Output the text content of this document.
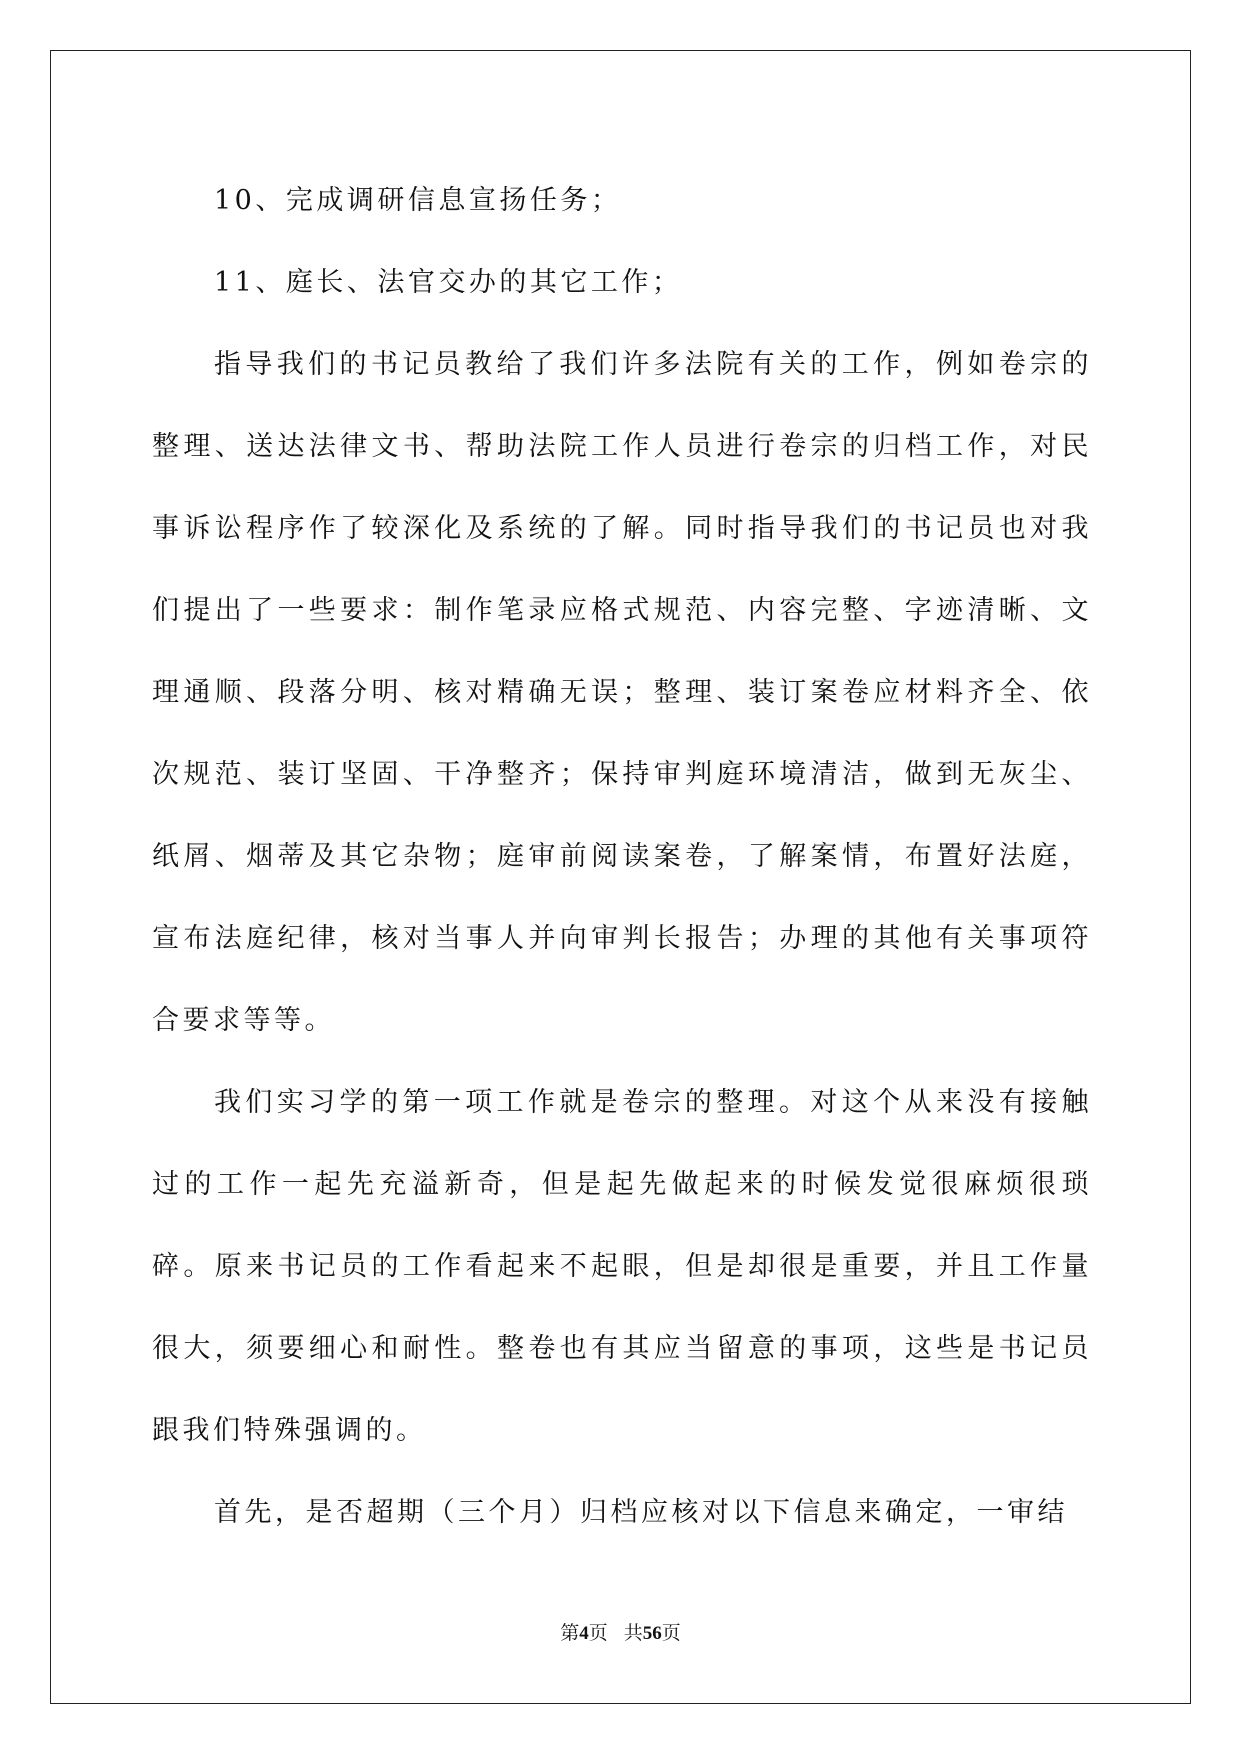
10、完成调研信息宣扬任务；

11、庭长、法官交办的其它工作；

指导我们的书记员教给了我们许多法院有关的工作，例如卷宗的整理、送达法律文书、帮助法院工作人员进行卷宗的归档工作，对民事诉讼程序作了较深化及系统的了解。同时指导我们的书记员也对我们提出了一些要求：制作笔录应格式规范、内容完整、字迹清晰、文理通顺、段落分明、核对精确无误；整理、装订案卷应材料齐全、依次规范、装订坚固、干净整齐；保持审判庭环境清洁，做到无灰尘、纸屑、烟蒂及其它杂物；庭审前阅读案卷，了解案情，布置好法庭，宣布法庭纪律，核对当事人并向审判长报告；办理的其他有关事项符合要求等等。

我们实习学的第一项工作就是卷宗的整理。对这个从来没有接触过的工作一起先充溢新奇，但是起先做起来的时候发觉很麻烦很琐碎。原来书记员的工作看起来不起眼，但是却很是重要，并且工作量很大，须要细心和耐性。整卷也有其应当留意的事项，这些是书记员跟我们特殊强调的。

首先，是否超期（三个月）归档应核对以下信息来确定，一审结

第4页 共56页
